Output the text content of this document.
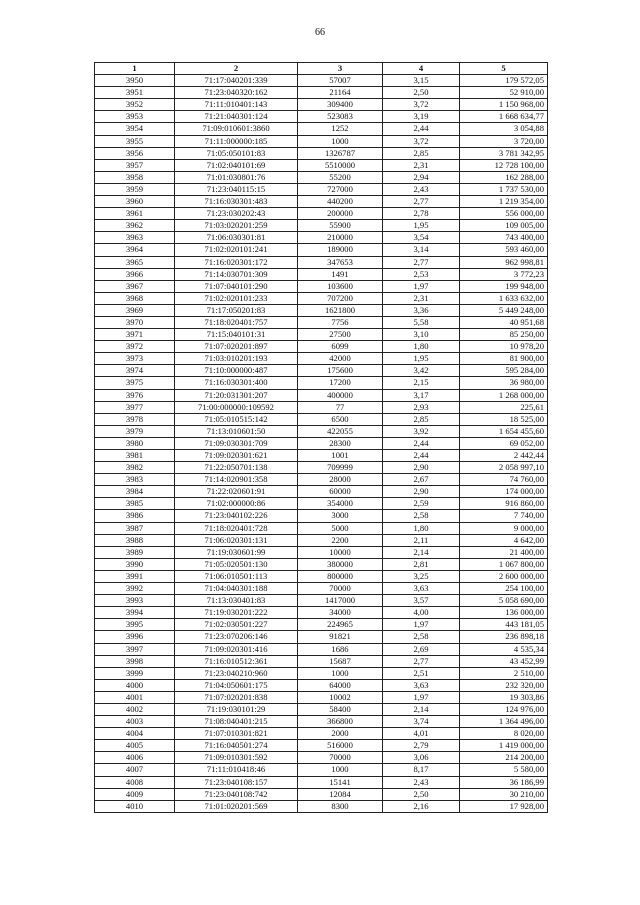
66
1	2	3	4	5
3950	71:17:040201:339	57007	3,15	179 572,05
3951	71:23:040320:162	21164	2,50	52 910,00
3952	71:11:010401:143	309400	3,72	1 150 968,00
3953	71:21:040301:124	523083	3,19	1 668 634,77
3954	71:09:010601:3860	1252	2,44	3 054,88
3955	71:11:000000:185	1000	3,72	3 720,00
3956	71:05:050101:83	1326787	2,85	3 781 342,95
3957	71:02:040101:69	5510000	2,31	12 728 100,00
3958	71:01:030801:76	55200	2,94	162 288,00
3959	71:23:040115:15	727000	2,43	1 737 530,00
3960	71:16:030301:483	440200	2,77	1 219 354,00
3961	71:23:030202:43	200000	2,78	556 000,00
3962	71:03:020201:259	55900	1,95	109 005,00
3963	71:06:030301:81	210000	3,54	743 400,00
3964	71:02:020101:241	189000	3,14	593 460,00
3965	71:16:020301:172	347653	2,77	962 998,81
3966	71:14:030701:309	1491	2,53	3 772,23
3967	71:07:040101:290	103600	1,97	199 948,00
3968	71:02:020101:233	707200	2,31	1 633 632,00
3969	71:17:050201:83	1621800	3,36	5 449 248,00
3970	71:18:020401:757	7756	5,58	40 951,68
3971	71:15:040101:31	27500	3,10	85 250,00
3972	71:07:020201:897	6099	1,80	10 978,20
3973	71:03:010201:193	42000	1,95	81 900,00
3974	71:10:000000:487	175600	3,42	595 284,00
3975	71:16:030301:400	17200	2,15	36 980,00
3976	71:20:031301:207	400000	3,17	1 268 000,00
3977	71:00:000000:109592	77	2,93	225,61
3978	71:05:010515:142	6500	2,85	18 525,00
3979	71:13:010601:50	422055	3,92	1 654 455,60
3980	71:09:030301:709	28300	2,44	69 052,00
3981	71:09:020301:621	1001	2,44	2 442,44
3982	71:22:050701:138	709999	2,90	2 058 997,10
3983	71:14:020901:358	28000	2,67	74 760,00
3984	71:22:020601:91	60000	2,90	174 000,00
3985	71:02:000000:86	354000	2,59	916 860,00
3986	71:23:040102:226	3000	2,58	7 740,00
3987	71:18:020401:728	5000	1,80	9 000,00
3988	71:06:020301:131	2200	2,11	4 642,00
3989	71:19:030601:99	10000	2,14	21 400,00
3990	71:05:020501:130	380000	2,81	1 067 800,00
3991	71:06:010501:113	800000	3,25	2 600 000,00
3992	71:04:040301:188	70000	3,63	254 100,00
3993	71:13:030401:83	1417000	3,57	5 058 690,00
3994	71:19:030201:222	34000	4,00	136 000,00
3995	71:02:030501:227	224965	1,97	443 181,05
3996	71:23:070206:146	91821	2,58	236 898,18
3997	71:09:020301:416	1686	2,69	4 535,34
3998	71:16:010512:361	15687	2,77	43 452,99
3999	71:23:040210:960	1000	2,51	2 510,00
4000	71:04:050601:175	64000	3,63	232 320,00
4001	71:07:020201:838	10002	1,97	19 303,86
4002	71:19:030101:29	58400	2,14	124 976,00
4003	71:08:040401:215	366800	3,74	1 364 496,00
4004	71:07:010301:821	2000	4,01	8 020,00
4005	71:16:040501:274	516000	2,79	1 419 000,00
4006	71:09:010301:592	70000	3,06	214 200,00
4007	71:11:010418:46	1000	8,17	5 580,00
4008	71:23:040108:157	15141	2,43	36 186,99
4009	71:23:040108:742	12084	2,50	30 210,00
4010	71:01:020201:569	8300	2,16	17 928,00
